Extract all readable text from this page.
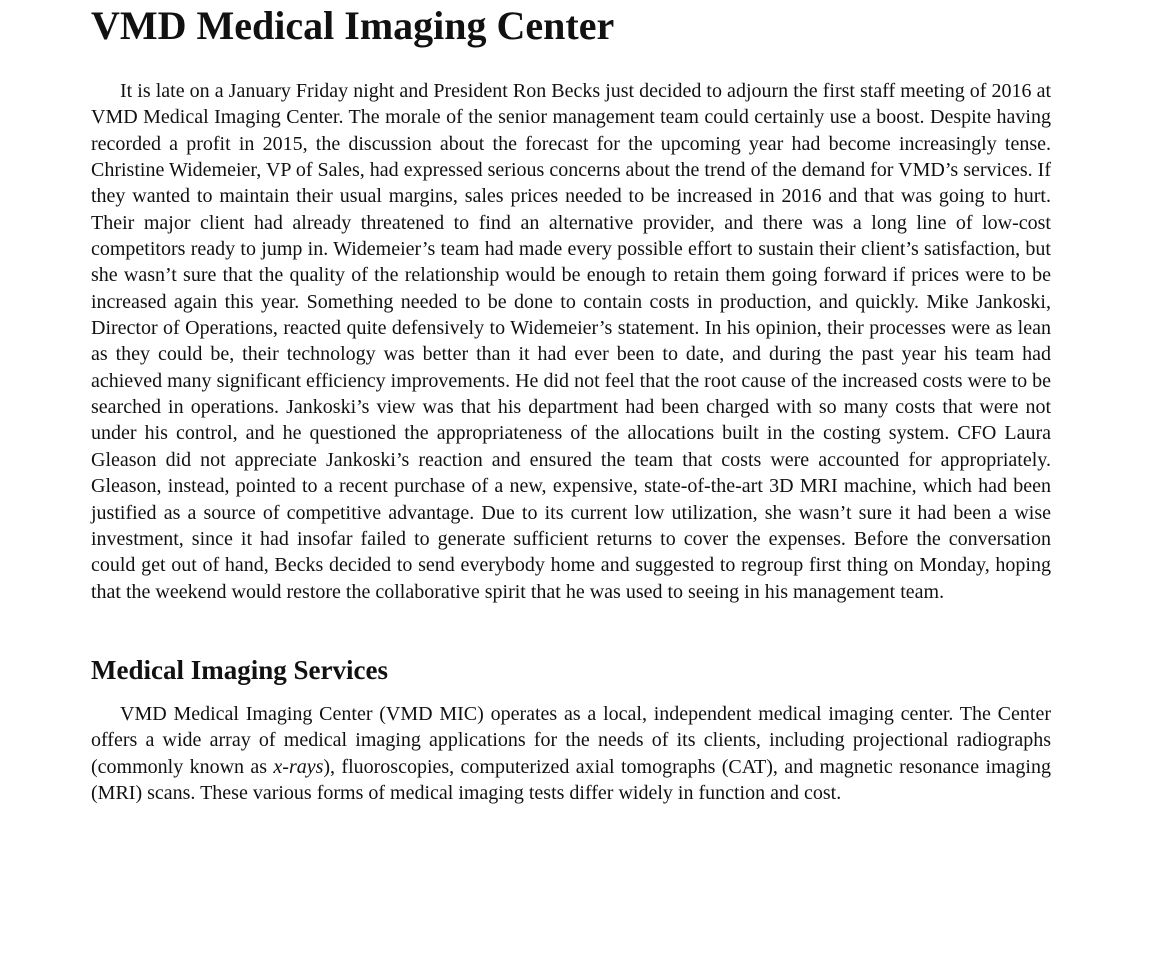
VMD Medical Imaging Center

It is late on a January Friday night and President Ron Becks just decided to adjourn the first staff meeting of 2016 at VMD Medical Imaging Center. The morale of the senior management team could certainly use a boost. Despite having recorded a profit in 2015, the discussion about the forecast for the upcoming year had become increasingly tense. Christine Widemeier, VP of Sales, had expressed serious concerns about the trend of the demand for VMD’s services. If they wanted to maintain their usual margins, sales prices needed to be increased in 2016 and that was going to hurt. Their major client had already threatened to find an alternative provider, and there was a long line of low-cost competitors ready to jump in. Widemeier’s team had made every possible effort to sustain their client’s satisfaction, but she wasn’t sure that the quality of the relationship would be enough to retain them going forward if prices were to be increased again this year. Something needed to be done to contain costs in production, and quickly. Mike Jankoski, Director of Operations, reacted quite defensively to Widemeier’s statement. In his opinion, their processes were as lean as they could be, their technology was better than it had ever been to date, and during the past year his team had achieved many significant efficiency improvements. He did not feel that the root cause of the increased costs were to be searched in operations. Jankoski’s view was that his department had been charged with so many costs that were not under his control, and he questioned the appropriateness of the allocations built in the costing system. CFO Laura Gleason did not appreciate Jankoski’s reaction and ensured the team that costs were accounted for appropriately. Gleason, instead, pointed to a recent purchase of a new, expensive, state-of-the-art 3D MRI machine, which had been justified as a source of competitive advantage. Due to its current low utilization, she wasn’t sure it had been a wise investment, since it had insofar failed to generate sufficient returns to cover the expenses. Before the conversation could get out of hand, Becks decided to send everybody home and suggested to regroup first thing on Monday, hoping that the weekend would restore the collaborative spirit that he was used to seeing in his management team.

Medical Imaging Services

VMD Medical Imaging Center (VMD MIC) operates as a local, independent medical imaging center. The Center offers a wide array of medical imaging applications for the needs of its clients, including projectional radiographs (commonly known as x-rays), fluoroscopies, computerized axial tomographs (CAT), and magnetic resonance imaging (MRI) scans. These various forms of medical imaging tests differ widely in function and cost.
